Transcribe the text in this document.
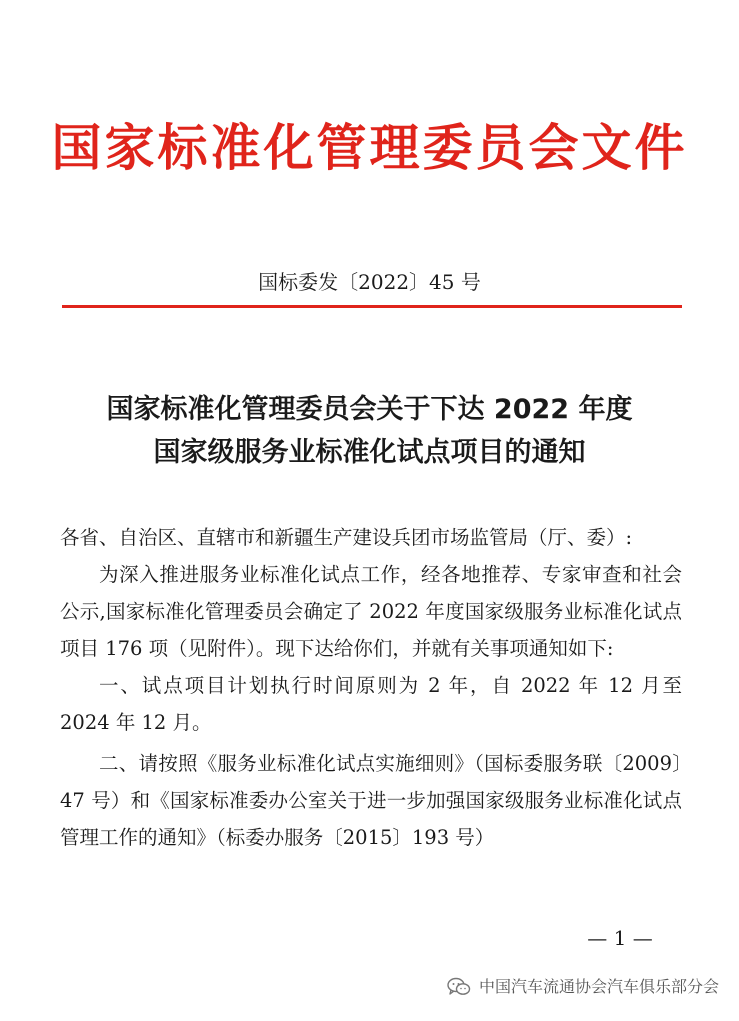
国家标准化管理委员会文件
国标委发〔2022〕45 号
国家标准化管理委员会关于下达 2022 年度
国家级服务业标准化试点项目的通知

各省、自治区、直辖市和新疆生产建设兵团市场监管局（厅、委）:

为深入推进服务业标准化试点工作，经各地推荐、专家审查和社会公示,国家标准化管理委员会确定了 2022 年度国家级服务业标准化试点项目 176 项（见附件）。现下达给你们，并就有关事项通知如下:

一、试点项目计划执行时间原则为 2 年，自 2022 年 12 月至 2024 年 12 月。

二、请按照《服务业标准化试点实施细则》（国标委服务联〔2009〕47 号）和《国家标准委办公室关于进一步加强国家级服务业标准化试点管理工作的通知》（标委办服务〔2015〕193 号）

— 1 —
中国汽车流通协会汽车俱乐部分会
